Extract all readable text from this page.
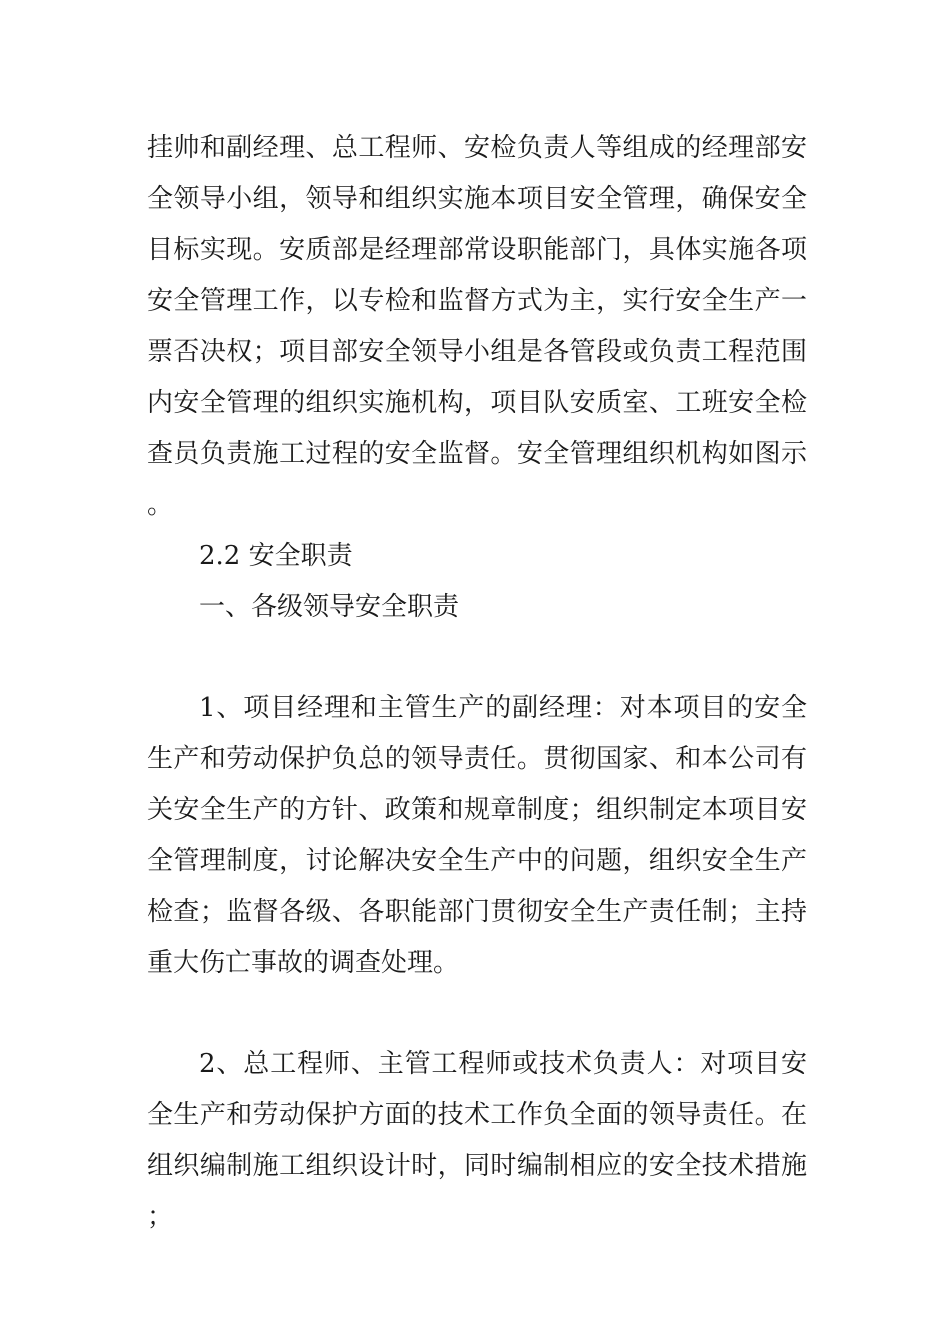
挂帅和副经理、总工程师、安检负责人等组成的经理部安全领导小组，领导和组织实施本项目安全管理，确保安全目标实现。安质部是经理部常设职能部门，具体实施各项安全管理工作，以专检和监督方式为主，实行安全生产一票否决权；项目部安全领导小组是各管段或负责工程范围内安全管理的组织实施机构，项目队安质室、工班安全检查员负责施工过程的安全监督。安全管理组织机构如图示。

2.2 安全职责

一、各级领导安全职责

1、项目经理和主管生产的副经理：对本项目的安全生产和劳动保护负总的领导责任。贯彻国家、和本公司有关安全生产的方针、政策和规章制度；组织制定本项目安全管理制度，讨论解决安全生产中的问题，组织安全生产检查；监督各级、各职能部门贯彻安全生产责任制；主持重大伤亡事故的调查处理。

2、总工程师、主管工程师或技术负责人：对项目安全生产和劳动保护方面的技术工作负全面的领导责任。在组织编制施工组织设计时，同时编制相应的安全技术措施；
